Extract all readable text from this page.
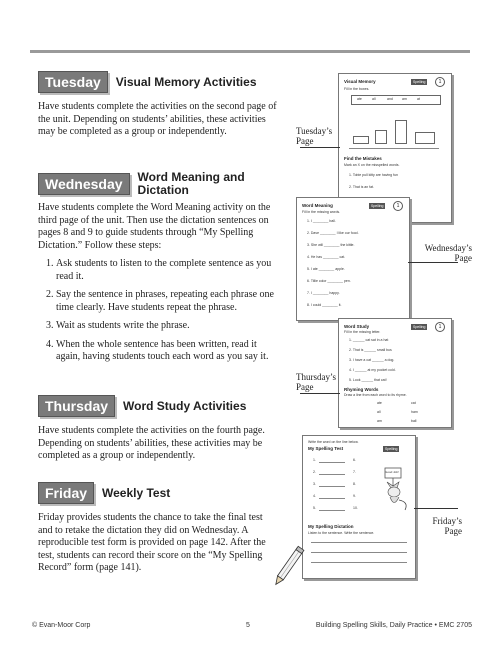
Tuesday	Visual Memory Activities
Have students complete the activities on the second page of the unit. Depending on students’ abilities, these activities may be completed as a group or independently.
Wednesday	Word Meaning and
Dictation
Have students complete the Word Meaning activity on the third page of the unit. Then use the dictation sentences on pages 8 and 9 to guide students through “My Spelling Dictation.” Follow these steps:
1. Ask students to listen to the complete sentence as you read it.
2. Say the sentence in phrases, repeating each phrase one time clearly. Have students repeat the phrase.
3. Wait as students write the phrase.
4. When the whole sentence has been written, read it again, having students touch each word as you say it.
Thursday	Word Study Activities
Have students complete the activities on the fourth page. Depending on students’ abilities, these activities may be completed as a group or independently.
Friday	Weekly Test
Friday provides students the chance to take the final test and to retake the dictation they did on Wednesday. A reproducible test form is provided on page 142. After the test, students can record their score on the “My Spelling Record” form (page 141).
Visual Memory	Spelling	1
Fill in the boxes.
ate	all	and	am	at
Find the Mistakes
Mark an X on the misspelled words.
1. Tobie pull kitty are having fun
2. That is an fat.
Word Meaning	Spelling	1
Fill in the missing words.
1. I ________ ball.
2. Dave ________ I like our food.
3. She will ________ the kittle.
4. He has ________ cat.
5. I ate ________ apple.
6. Tillie color ________ pen.
7. I ________ happy.
8. I could ________ it.
Word Study	Spelling	1
Fill in the missing letter.
1. ______ cat sat in a hat
2. That is ______ small bus
3. I have a cat ______ a dog.
4. I ______ at my pocket cold.
5. Look ______ that cat!
Rhyming Words
Draw a line from each word to its rhyme.
ate
all
am
cat
ham
ball
Write the word on the line below.
My Spelling Test	Spelling
1.
2.
3.
4.
5.
6.
7.
8.
9.
10.
Good Job!
My Spelling Dictation
Listen to the sentence. Write the sentence.
Tuesday’s Page
Wednesday’s Page
Thursday’s Page
Friday’s Page
© Evan-Moor Corp	5	Building Spelling Skills, Daily Practice • EMC 2705
